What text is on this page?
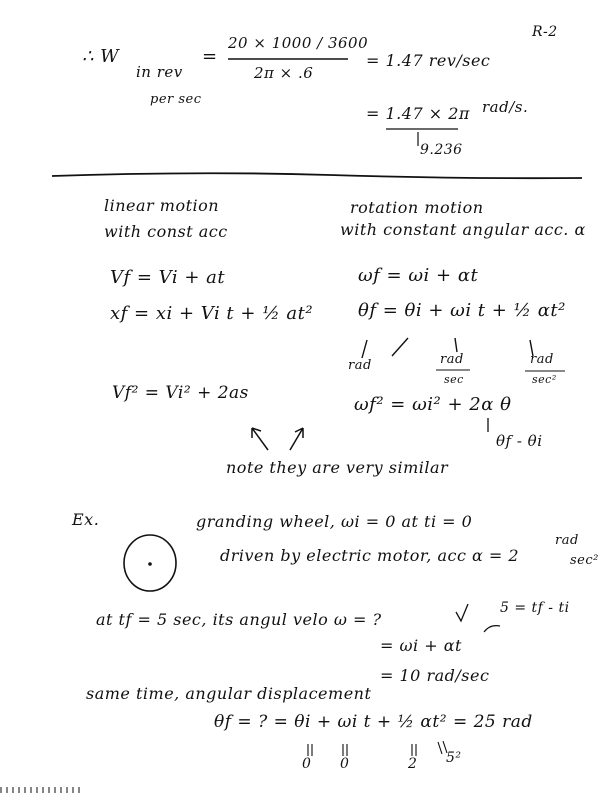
R-2
∴ W
in rev
per sec
=
20 × 1000 / 3600
2π × .6
= 1.47 rev/sec
= 1.47 × 2π rad/s.
9.236
linear motion
with const acc
Vf = Vi + at
xf = xi + Vi t + ½ at²
Vf² = Vi² + 2as
rotation motion
with constant angular acc. α
ωf = ωi + αt
θf = θi + ωi t + ½ αt²
rad	rad
sec
rad
sec²
ωf² = ωi² + 2α θ
θf - θi
note they are very similar
Ex.	granding wheel, ωi = 0 at ti = 0
driven by electric motor, acc α = 2
rad
sec²
at tf = 5 sec, its angul velo ω = ?
5 = tf - ti
= ωi + αt
= 10 rad/sec
same time, angular displacement
θf = ? = θi + ωi t + ½ αt² = 25 rad
0 0	2 5²
